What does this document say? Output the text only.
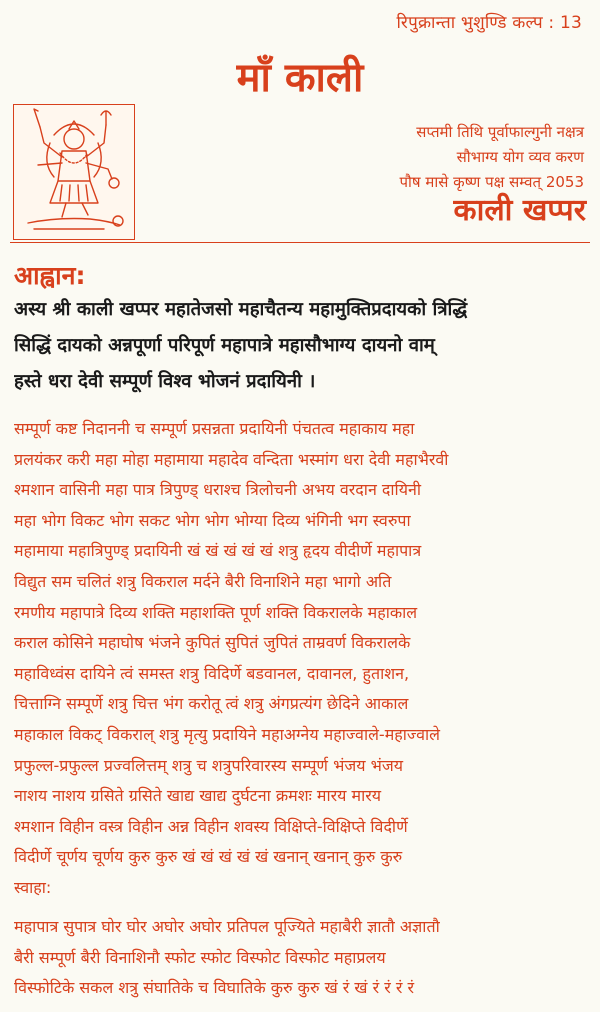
रिपुक्रान्ता भुशुण्डि कल्प : 13
माँ काली
सप्तमी तिथि पूर्वाफाल्गुनी नक्षत्र
सौभाग्य योग व्यव करण
पौष मासे कृष्ण पक्ष सम्वत् 2053
काली खप्पर
आह्वान:
अस्य श्री काली खप्पर महातेजसो महाचैतन्य महामुक्तिप्रदायको त्रिद्धिं
सिद्धिं दायको अन्नपूर्णा परिपूर्ण महापात्रे महासौभाग्य दायनो वाम्
हस्ते धरा देवी सम्पूर्ण विश्व भोजनं प्रदायिनी ।
सम्पूर्ण कष्ट निदाननी च सम्पूर्ण प्रसन्नता प्रदायिनी पंचतत्व महाकाय महा
प्रलयंकर करी महा मोहा महामाया महादेव वन्दिता भस्मांग धरा देवी महाभैरवी
श्मशान वासिनी महा पात्र त्रिपुण्ड् धराश्च त्रिलोचनी अभय वरदान दायिनी
महा भोग विकट भोग सकट भोग भोग भोग्या दिव्य भंगिनी भग स्वरुपा
महामाया महात्रिपुण्ड् प्रदायिनी खं खं खं खं खं शत्रु हृदय वीदीर्णे महापात्र
विद्युत सम चलितं शत्रु विकराल मर्दने बैरी विनाशिने महा भागो अति
रमणीय महापात्रे दिव्य शक्ति महाशक्ति पूर्ण शक्ति विकरालके महाकाल
कराल कोसिने महाघोष भंजने कुपितं सुपितं जुपितं ताम्रवर्ण विकरालके
महाविध्वंस दायिने त्वं समस्त शत्रु विदिर्णे बडवानल, दावानल, हुताशन,
चित्ताग्नि सम्पूर्णे शत्रु चित्त भंग करोतू त्वं शत्रु अंगप्रत्यंग छेदिने आकाल
महाकाल विकट् विकराल् शत्रु मृत्यु प्रदायिने महाअग्नेय महाज्वाले-महाज्वाले
प्रफुल्ल-प्रफुल्ल प्रज्वलित्तम् शत्रु च शत्रुपरिवारस्य सम्पूर्ण भंजय भंजय
नाशय नाशय ग्रसिते ग्रसिते खाद्य खाद्य दुर्घटना क्रमशः मारय मारय
श्मशान विहीन वस्त्र विहीन अन्न विहीन शवस्य विक्षिप्ते-विक्षिप्ते विदीर्णे
विदीर्णे चूर्णय चूर्णय कुरु कुरु खं खं खं खं खं खनान् खनान् कुरु कुरु
स्वाहा:
महापात्र सुपात्र घोर घोर अघोर अघोर प्रतिपल पूज्यिते महाबैरी ज्ञातौ अज्ञातौ
बैरी सम्पूर्ण बैरी विनाशिनौ स्फोट स्फोट विस्फोट विस्फोट महाप्रलय
विस्फोटिके सकल शत्रु संघातिके च विघातिके कुरु कुरु खं रं खं रं रं रं रं
